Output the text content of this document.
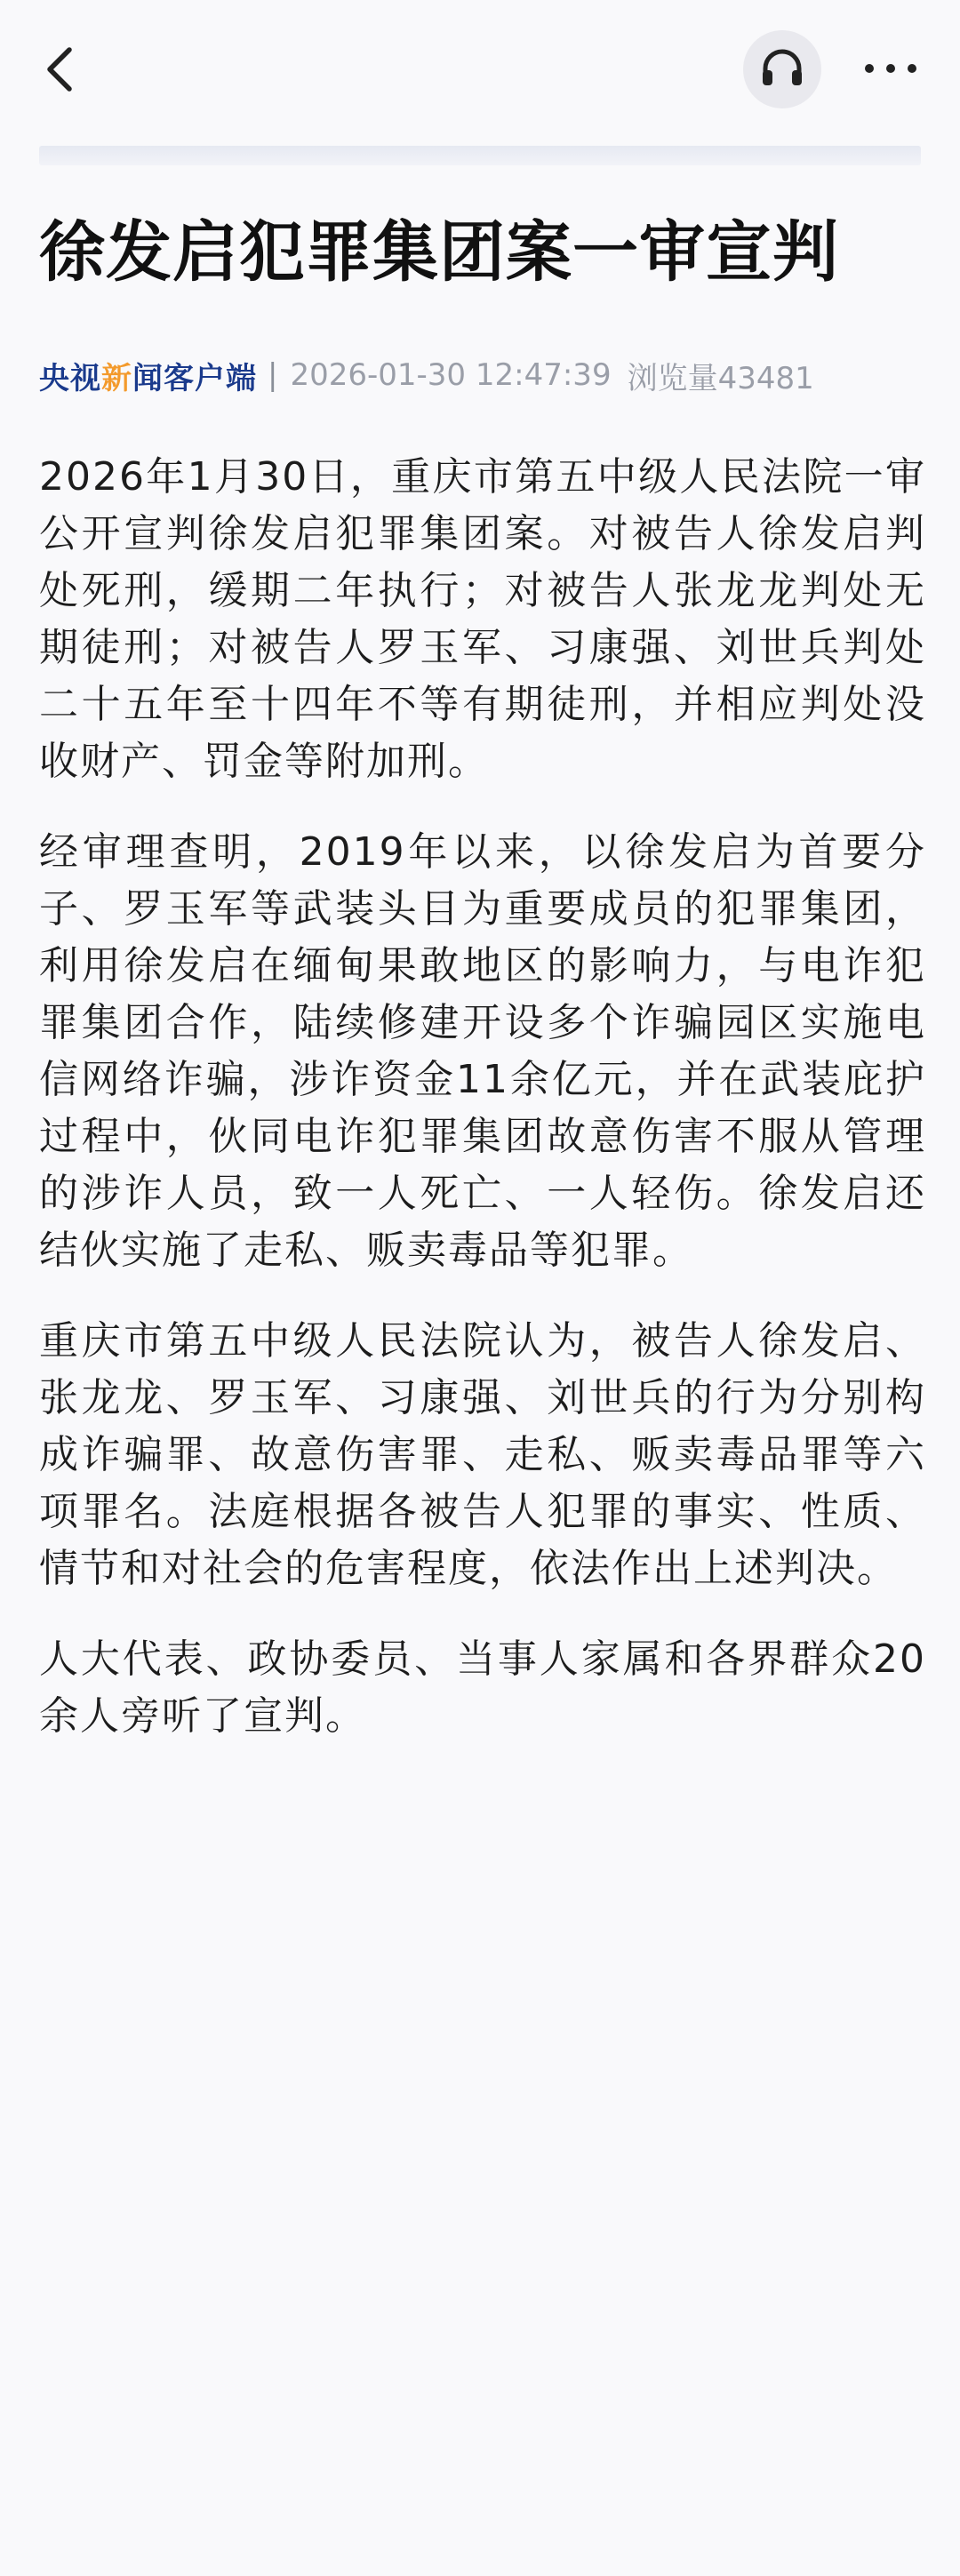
徐发启犯罪集团案一审宣判
央视新闻客户端 | 2026-01-30 12:47:39 浏览量43481

2026年1月30日，重庆市第五中级人民法院一审公开宣判徐发启犯罪集团案。对被告人徐发启判处死刑，缓期二年执行；对被告人张龙龙判处无期徒刑；对被告人罗玉军、习康强、刘世兵判处二十五年至十四年不等有期徒刑，并相应判处没收财产、罚金等附加刑。

经审理查明，2019年以来，以徐发启为首要分子、罗玉军等武装头目为重要成员的犯罪集团，利用徐发启在缅甸果敢地区的影响力，与电诈犯罪集团合作，陆续修建开设多个诈骗园区实施电信网络诈骗，涉诈资金11余亿元，并在武装庇护过程中，伙同电诈犯罪集团故意伤害不服从管理的涉诈人员，致一人死亡、一人轻伤。徐发启还结伙实施了走私、贩卖毒品等犯罪。

重庆市第五中级人民法院认为，被告人徐发启、张龙龙、罗玉军、习康强、刘世兵的行为分别构成诈骗罪、故意伤害罪、走私、贩卖毒品罪等六项罪名。法庭根据各被告人犯罪的事实、性质、情节和对社会的危害程度，依法作出上述判决。

人大代表、政协委员、当事人家属和各界群众20余人旁听了宣判。
